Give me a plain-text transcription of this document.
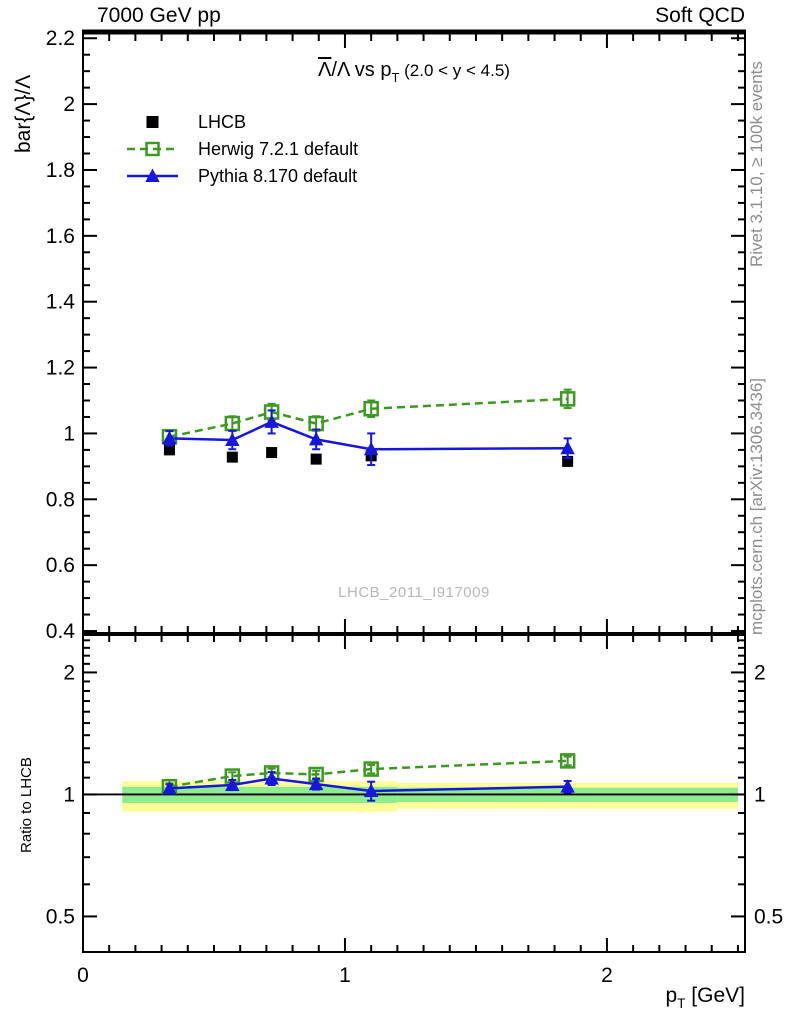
0.4
0.6
0.8
1
1.2
1.4
1.6
1.8
2
2.2
0.5	0.5
1	1
2	2
0	1	2
7000 GeV pp	Soft QCD
$\overline{\Lambda}/\Lambda$ vs $p_T$ (2.0 < y < 4.5)
bar{Λ}/Λ
Ratio to LHCB
Rivet 3.1.10, ≥ 100k events
mcplots.cern.ch [arXiv:1306.3436]
LHCB_2011_I917009
LHCB
Herwig 7.2.1 default
Pythia 8.170 default
$p_T$ [GeV]
